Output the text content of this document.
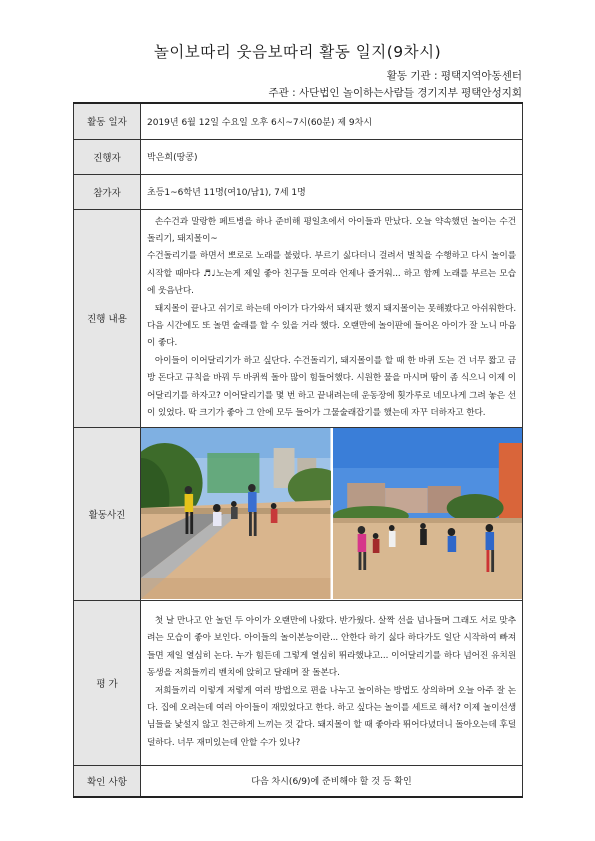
놀이보따리 웃음보따리 활동 일지(9차시)
활동 기관 : 평택지역아동센터
주관 : 사단법인 놀이하는사람들 경기지부 평택안성지회
활동 일자	2019년 6월 12일 수요일 오후 6시~7시(60분) 제 9차시
진행자	박은희(땅콩)
참가자	초등1~6학년 11명(여10/남1), 7세 1명
진행 내용	손수건과 말랑한 페트병을 하나 준비해 평일초에서 아이들과 만났다. 오늘 약속했던 놀이는 수건돌리기, 돼지몰이~

수건돌리기를 하면서 뽀로로 노래를 불렀다. 부르기 싫다더니 걸려서 벌칙을 수행하고 다시 놀이를 시작할 때마다 ♬♩노는게 제일 좋아 친구들 모여라 언제나 즐거워... 하고 함께 노래를 부르는 모습에 웃음난다.

돼지몰이 끝나고 쉬기로 하는데 아이가 다가와서 돼지판 했지 돼지몰이는 못해봤다고 아쉬워한다. 다음 시간에도 또 놀면 술래를 할 수 있을 거라 했다. 오랜만에 놀이판에 들어온 아이가 잘 노니 마음이 좋다.

아이들이 이어달리기가 하고 싶단다. 수건돌리기, 돼지몰이를 할 때 한 바퀴 도는 건 너무 짧고 금방 돈다고 규칙을 바꿔 두 바퀴씩 돌아 많이 힘들어했다. 시원한 물을 마시며 땀이 좀 식으니 이제 이어달리기를 하자고? 이어달리기를 몇 번 하고 끝내려는데 운동장에 횟가루로 네모나게 그려 놓은 선이 있었다. 딱 크기가 좋아 그 안에 모두 들어가 그물술래잡기를 했는데 자꾸 더하자고 한다.

활동사진	

평 가	첫 날 만나고 안 놀던 두 아이가 오랜만에 나왔다. 반가웠다. 살짝 선을 넘나들며 그래도 서로 맞추려는 모습이 좋아 보인다. 아이들의 놀이본능이란... 안한다 하기 싫다 하다가도 일단 시작하여 빠져들면 제일 열심히 논다. 누가 힘든데 그렇게 열심히 뛰라했냐고... 이어달리기를 하다 넘어진 유치원 동생을 저희들끼리 벤치에 앉히고 달래며 잘 돌본다.

저희들끼리 이렇게 저렇게 여러 방법으로 편을 나누고 놀이하는 방법도 상의하며 오늘 아주 잘 논다. 집에 오려는데 여러 아이들이 재밌었다고 한다. 하고 싶다는 놀이를 세트로 해서? 이제 놀이선생님들을 낯설지 않고 친근하게 느끼는 것 같다. 돼지몰이 할 때 좋아라 뛰어다녔더니 돌아오는데 후덜덜하다. 너무 재미있는데 안할 수가 있나?

확인 사항	다음 차시(6/9)에 준비해야 할 것 등 확인
